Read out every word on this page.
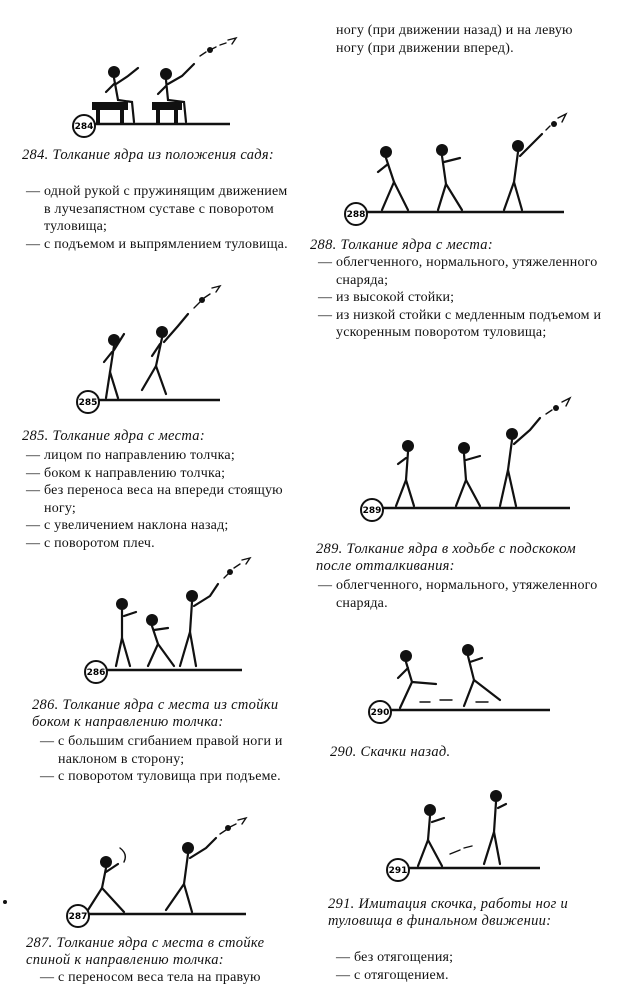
284
284. Толкание ядра из положения садя:
— одной рукой с пружинящим движением в лучезапястном суставе с поворотом туловища;
— с подъемом и выпрямлением туловища.
285
285. Толкание ядра с места:
— лицом по направлению толчка;
— боком к направлению толчка;
— без переноса веса на впереди стоящую ногу;
— с увеличением наклона назад;
— с поворотом плеч.
286
286. Толкание ядра с места из стойки боком к направлению толчка:
— с большим сгибанием правой ноги и наклоном в сторону;
— с поворотом туловища при подъеме.
287
287. Толкание ядра с места в стойке спиной к направлению толчка:
— с переносом веса тела на правую
ногу (при движении назад) и на левую ногу (при движении вперед).
288
288. Толкание ядра с места:
— облегченного, нормального, утяжеленного снаряда;
— из высокой стойки;
— из низкой стойки с медленным подъемом и ускоренным поворотом туловища;
289
289. Толкание ядра в ходьбе с подскоком после отталкивания:
— облегченного, нормального, утяжеленного снаряда.
290
290. Скачки назад.
291
291. Имитация скочка, работы ног и туловища в финальном движении:
— без отягощения;
— с отягощением.
